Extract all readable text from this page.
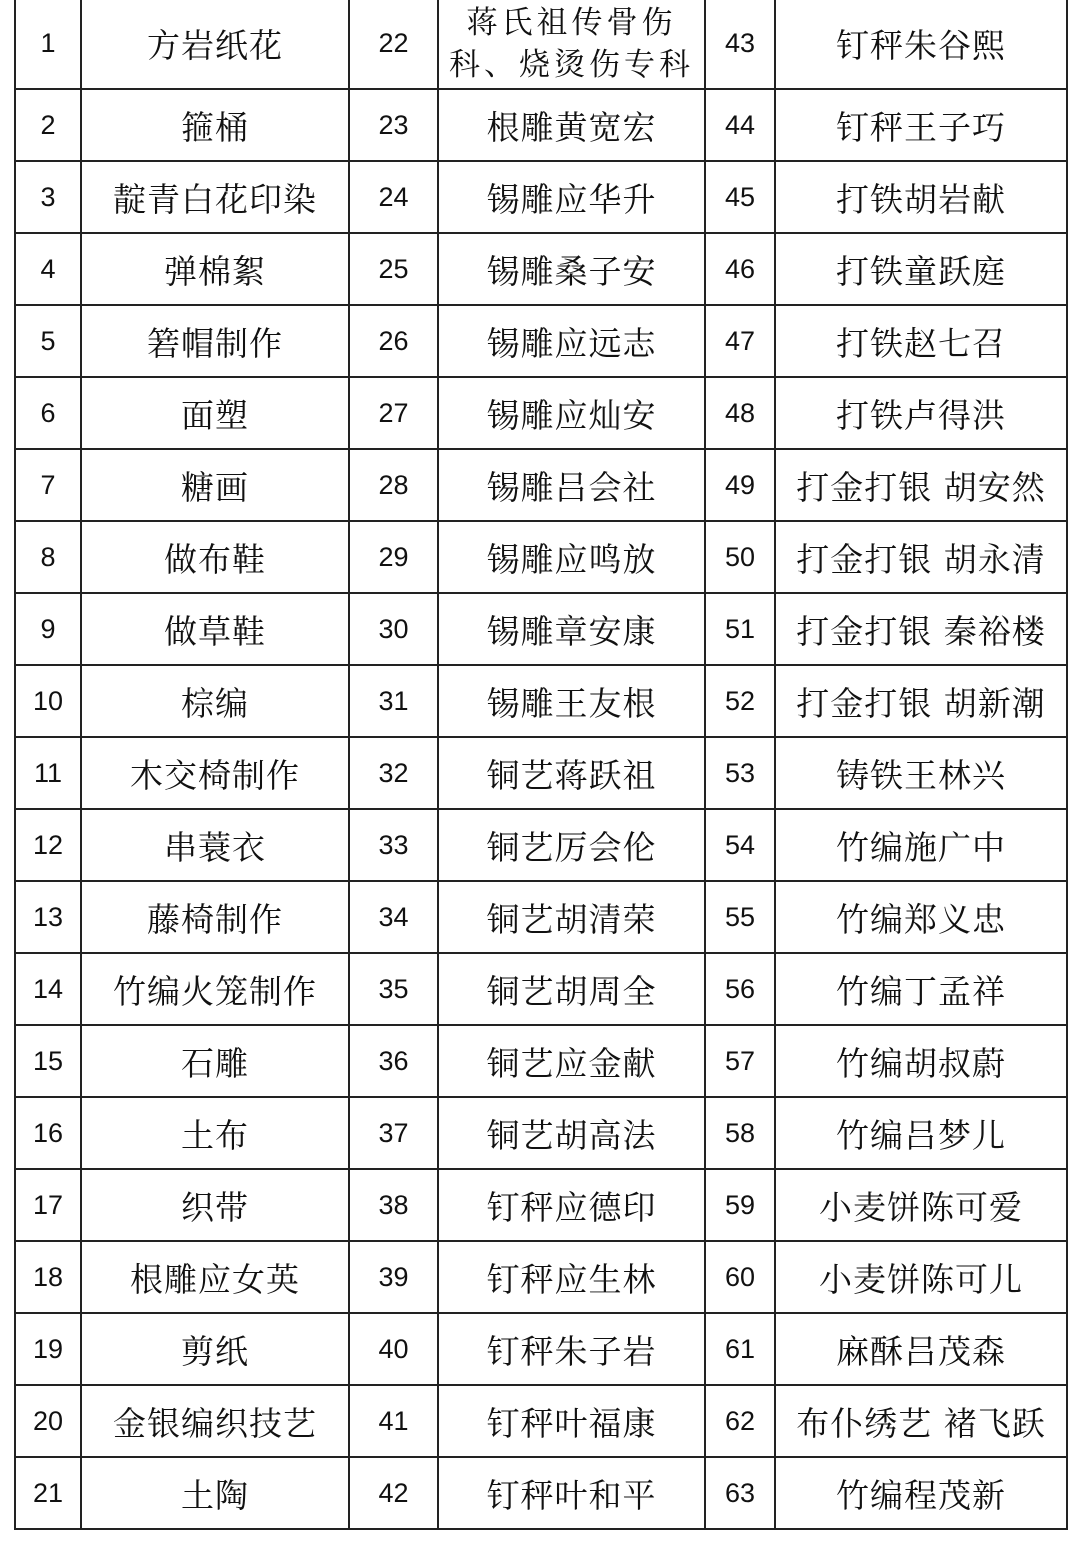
1	方岩纸花	22	蒋氏祖传骨伤科、烧烫伤专科	43	钉秤朱谷熙
2	箍桶	23	根雕黄宽宏	44	钉秤王子巧
3	靛青白花印染	24	锡雕应华升	45	打铁胡岩献
4	弹棉絮	25	锡雕桑子安	46	打铁童跃庭
5	箬帽制作	26	锡雕应远志	47	打铁赵七召
6	面塑	27	锡雕应灿安	48	打铁卢得洪
7	糖画	28	锡雕吕会社	49	打金打银 胡安然
8	做布鞋	29	锡雕应鸣放	50	打金打银 胡永清
9	做草鞋	30	锡雕章安康	51	打金打银 秦裕楼
10	棕编	31	锡雕王友根	52	打金打银 胡新潮
11	木交椅制作	32	铜艺蒋跃祖	53	铸铁王林兴
12	串蓑衣	33	铜艺厉会伦	54	竹编施广中
13	藤椅制作	34	铜艺胡清荣	55	竹编郑义忠
14	竹编火笼制作	35	铜艺胡周全	56	竹编丁孟祥
15	石雕	36	铜艺应金献	57	竹编胡叔蔚
16	土布	37	铜艺胡高法	58	竹编吕梦儿
17	织带	38	钉秤应德印	59	小麦饼陈可爱
18	根雕应女英	39	钉秤应生林	60	小麦饼陈可儿
19	剪纸	40	钉秤朱子岩	61	麻酥吕茂森
20	金银编织技艺	41	钉秤叶福康	62	布仆绣艺 褚飞跃
21	土陶	42	钉秤叶和平	63	竹编程茂新
